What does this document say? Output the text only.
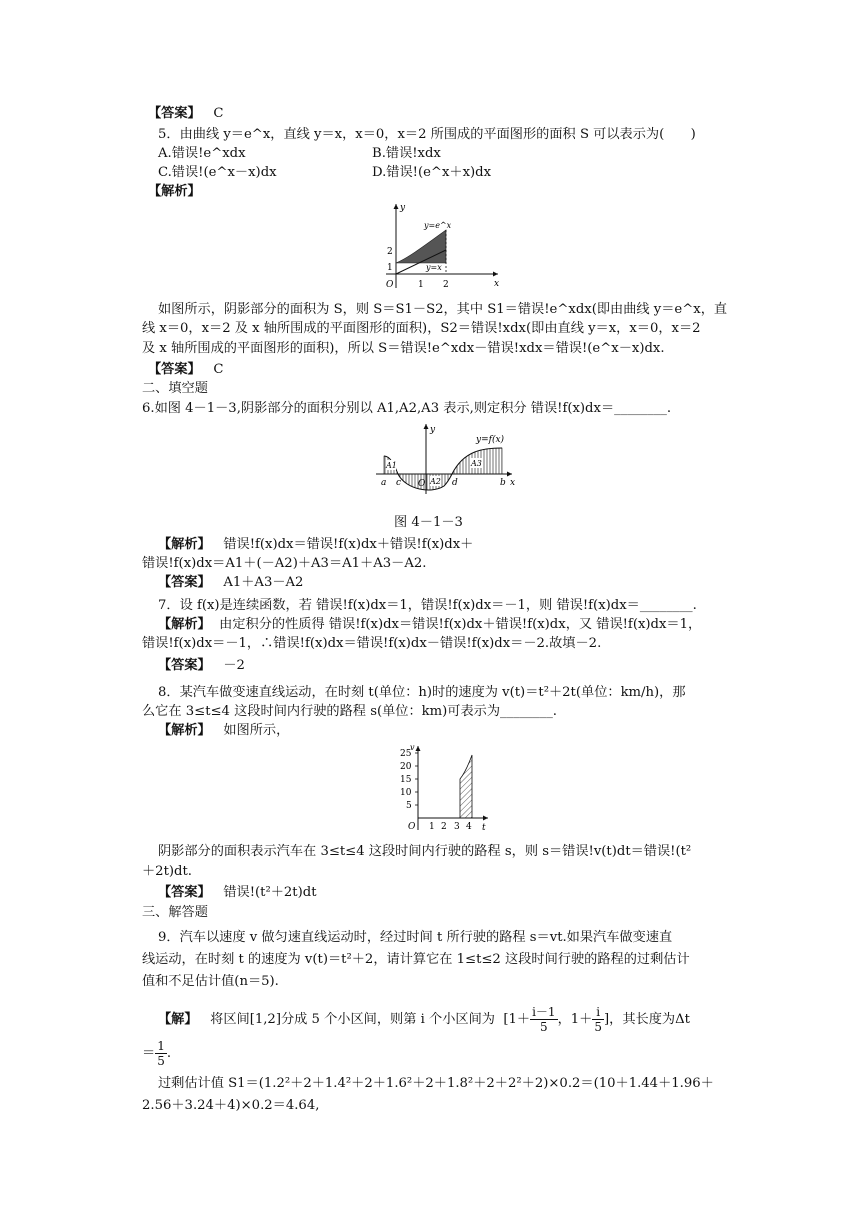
【答案】 C
5．由曲线 y＝e^x，直线 y＝x，x＝0，x＝2 所围成的平面图形的面积 S 可以表示为(　　)
A.错误!e^xdx	B.错误!xdx
C.错误!(e^x－x)dx	D.错误!(e^x＋x)dx
【解析】
y
x
O	1 2
1
2
y=e^x
y=x
如图所示，阴影部分的面积为 S，则 S＝S1－S2，其中 S1＝错误!e^xdx(即由曲线 y＝e^x，直
线 x＝0，x＝2 及 x 轴所围成的平面图形的面积)，S2＝错误!xdx(即由直线 y＝x，x＝0，x＝2
及 x 轴所围成的平面图形的面积)，所以 S＝错误!e^xdx－错误!xdx＝错误!(e^x－x)dx.
【答案】 C
二、填空题
6.如图 4－1－3,阴影部分的面积分别以 A1,A2,A3 表示,则定积分 错误!f(x)dx＝________.
A1
A2
A3
y
y=f(x)
a c O	d	b x
图 4－1－3
【解析】 错误!f(x)dx＝错误!f(x)dx＋错误!f(x)dx＋
错误!f(x)dx＝A1＋(－A2)＋A3＝A1＋A3－A2.
【答案】 A1＋A3－A2
7．设 f(x)是连续函数，若 错误!f(x)dx＝1，错误!f(x)dx＝－1，则 错误!f(x)dx＝________.
【解析】 由定积分的性质得 错误!f(x)dx＝错误!f(x)dx＋错误!f(x)dx，又 错误!f(x)dx＝1，
错误!f(x)dx＝－1，∴错误!f(x)dx＝错误!f(x)dx－错误!f(x)dx＝－2.故填－2.
【答案】 －2
8．某汽车做变速直线运动，在时刻 t(单位：h)时的速度为 v(t)＝t²＋2t(单位：km/h)，那
么它在 3≤t≤4 这段时间内行驶的路程 s(单位：km)可表示为________.
【解析】 如图所示，
v
t
O 1 2 3 4
5
10
15
20
25
阴影部分的面积表示汽车在 3≤t≤4 这段时间内行驶的路程 s，则 s＝错误!v(t)dt＝错误!(t²
＋2t)dt.
【答案】 错误!(t²＋2t)dt
三、解答题
9．汽车以速度 v 做匀速直线运动时，经过时间 t 所行驶的路程 s＝vt.如果汽车做变速直
线运动，在时刻 t 的速度为 v(t)＝t²＋2，请计算它在 1≤t≤2 这段时间行驶的路程的过剩估计
值和不足估计值(n＝5).
【解】 将区间[1,2]分成 5 个小区间，则第 i 个小区间为 [$1+ \frac{i-1}{5}$ ，$1+ \frac{i}{5}$ ]，其长度为Δt
＝ $\frac{1}{5}$ .
过剩估计值 S1＝(1.2²＋2＋1.4²＋2＋1.6²＋2＋1.8²＋2＋2²＋2)×0.2＝(10＋1.44＋1.96＋
2.56＋3.24＋4)×0.2＝4.64,
